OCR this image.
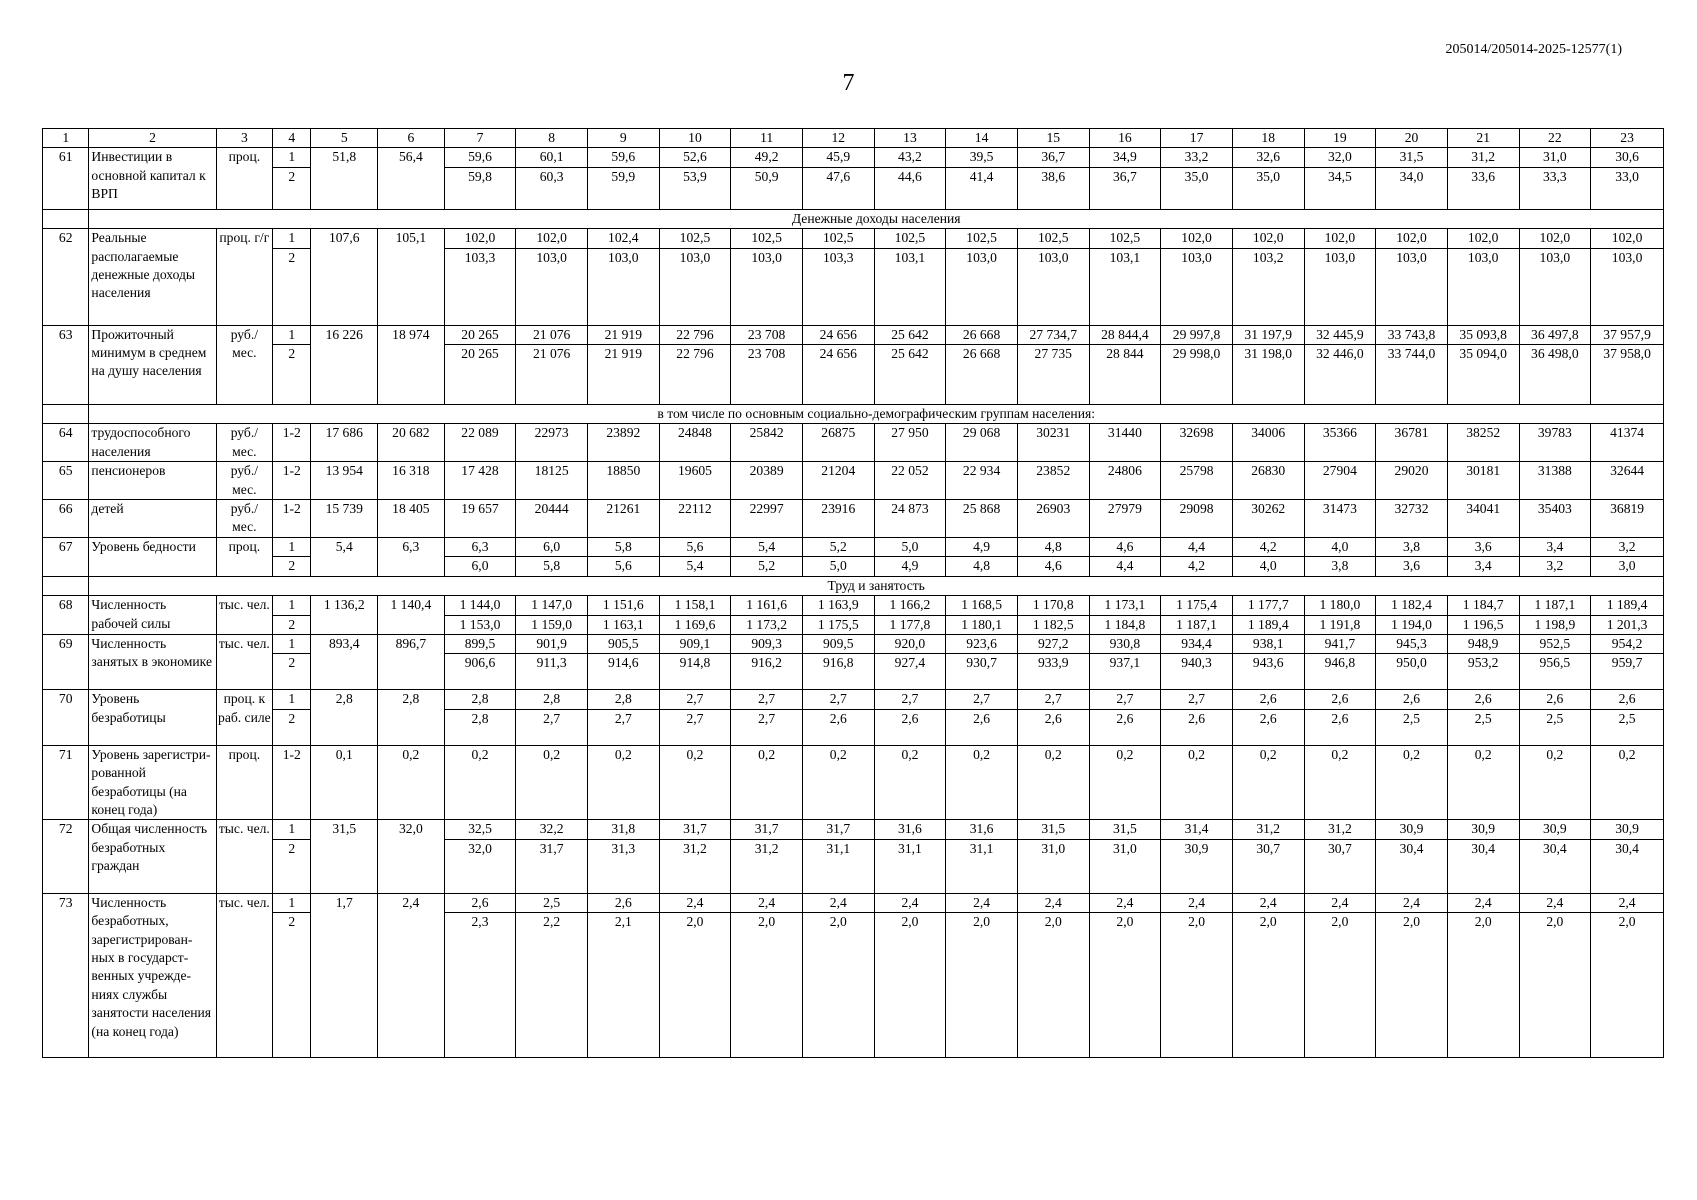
205014/205014-2025-12577(1)
7
1	2	3	4	5	6	7	8	9	10	11	12	13	14	15	16	17	18	19	20	21	22	23
61	Инвестиции в основной капитал к ВРП	проц.	1	51,8	56,4	59,6	60,1	59,6	52,6	49,2	45,9	43,2	39,5	36,7	34,9	33,2	32,6	32,0	31,5	31,2	31,0	30,6
			2			59,8	60,3	59,9	53,9	50,9	47,6	44,6	41,4	38,6	36,7	35,0	35,0	34,5	34,0	33,6	33,3	33,0
	Денежные доходы населения																					
62	Реальные располагаемые денежные доходы населения	проц. г/г	1	107,6	105,1	102,0	102,0	102,4	102,5	102,5	102,5	102,5	102,5	102,5	102,5	102,0	102,0	102,0	102,0	102,0	102,0	102,0
			2			103,3	103,0	103,0	103,0	103,0	103,3	103,1	103,0	103,0	103,1	103,0	103,2	103,0	103,0	103,0	103,0	103,0
63	Прожиточный минимум в среднем на душу населения	руб./ мес.	1	16 226	18 974	20 265	21 076	21 919	22 796	23 708	24 656	25 642	26 668	27 734,7	28 844,4	29 997,8	31 197,9	32 445,9	33 743,8	35 093,8	36 497,8	37 957,9
			2			20 265	21 076	21 919	22 796	23 708	24 656	25 642	26 668	27 735	28 844	29 998,0	31 198,0	32 446,0	33 744,0	35 094,0	36 498,0	37 958,0
	в том числе по основным социально-демографическим группам населения:																					
64	трудоспособного населения	руб./ мес.	1-2	17 686	20 682	22 089	22973	23892	24848	25842	26875	27 950	29 068	30231	31440	32698	34006	35366	36781	38252	39783	41374
65	пенсионеров	руб./ мес.	1-2	13 954	16 318	17 428	18125	18850	19605	20389	21204	22 052	22 934	23852	24806	25798	26830	27904	29020	30181	31388	32644
66	детей	руб./ мес.	1-2	15 739	18 405	19 657	20444	21261	22112	22997	23916	24 873	25 868	26903	27979	29098	30262	31473	32732	34041	35403	36819
67	Уровень бедности	проц.	1	5,4	6,3	6,3	6,0	5,8	5,6	5,4	5,2	5,0	4,9	4,8	4,6	4,4	4,2	4,0	3,8	3,6	3,4	3,2
			2			6,0	5,8	5,6	5,4	5,2	5,0	4,9	4,8	4,6	4,4	4,2	4,0	3,8	3,6	3,4	3,2	3,0
	Труд и занятость																					
68	Численность рабочей силы	тыс. чел.	1	1 136,2	1 140,4	1 144,0	1 147,0	1 151,6	1 158,1	1 161,6	1 163,9	1 166,2	1 168,5	1 170,8	1 173,1	1 175,4	1 177,7	1 180,0	1 182,4	1 184,7	1 187,1	1 189,4
			2			1 153,0	1 159,0	1 163,1	1 169,6	1 173,2	1 175,5	1 177,8	1 180,1	1 182,5	1 184,8	1 187,1	1 189,4	1 191,8	1 194,0	1 196,5	1 198,9	1 201,3
69	Численность занятых в экономике	тыс. чел.	1	893,4	896,7	899,5	901,9	905,5	909,1	909,3	909,5	920,0	923,6	927,2	930,8	934,4	938,1	941,7	945,3	948,9	952,5	954,2
			2			906,6	911,3	914,6	914,8	916,2	916,8	927,4	930,7	933,9	937,1	940,3	943,6	946,8	950,0	953,2	956,5	959,7
70	Уровень безработицы	проц. к раб. силе	1	2,8	2,8	2,8	2,8	2,8	2,7	2,7	2,7	2,7	2,7	2,7	2,7	2,7	2,6	2,6	2,6	2,6	2,6	2,6
			2			2,8	2,7	2,7	2,7	2,7	2,6	2,6	2,6	2,6	2,6	2,6	2,6	2,6	2,5	2,5	2,5	2,5
71	Уровень зарегистри-рованной безработицы (на конец года)	проц.	1-2	0,1	0,2	0,2	0,2	0,2	0,2	0,2	0,2	0,2	0,2	0,2	0,2	0,2	0,2	0,2	0,2	0,2	0,2	0,2
72	Общая численность безработных граждан	тыс. чел.	1	31,5	32,0	32,5	32,2	31,8	31,7	31,7	31,7	31,6	31,6	31,5	31,5	31,4	31,2	31,2	30,9	30,9	30,9	30,9
			2			32,0	31,7	31,3	31,2	31,2	31,1	31,1	31,1	31,0	31,0	30,9	30,7	30,7	30,4	30,4	30,4	30,4
73	Численность безработных, зарегистрирован-ных в государст-венных учрежде-ниях службы занятости населения (на конец года)	тыс. чел.	1	1,7	2,4	2,6	2,5	2,6	2,4	2,4	2,4	2,4	2,4	2,4	2,4	2,4	2,4	2,4	2,4	2,4	2,4	2,4
			2			2,3	2,2	2,1	2,0	2,0	2,0	2,0	2,0	2,0	2,0	2,0	2,0	2,0	2,0	2,0	2,0	2,0
